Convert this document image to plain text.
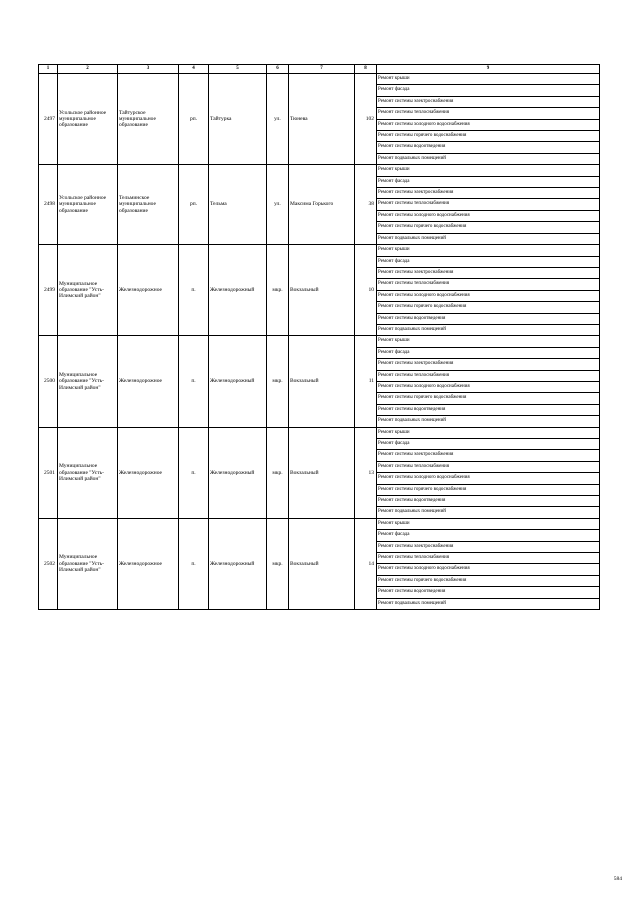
1	2	3	4	5	6	7	8	9
2497	Усольское районное муниципальное образование	Тайтурское муниципальное образование	рп.	Тайтурка	ул.	Тюнева	102	Ремонт крыши
								Ремонт фасада
								Ремонт системы электроснабжения
								Ремонт системы теплоснабжения
								Ремонт системы холодного водоснабжения
								Ремонт системы горячего водоснабжения
								Ремонт системы водоотведения
								Ремонт подвальных помещений
2498	Усольское районное муниципальное образование	Тельминское муниципальное образование	рп.	Тельма	ул.	Максима Горького	38	Ремонт крыши
								Ремонт фасада
								Ремонт системы электроснабжения
								Ремонт системы теплоснабжения
								Ремонт системы холодного водоснабжения
								Ремонт системы горячего водоснабжения
								Ремонт подвальных помещений
2499	Муниципальное образование "Усть-Илимский район"	Железнодорожное	п.	Железнодорожный	мкр.	Вокзальный	10	Ремонт крыши
								Ремонт фасада
								Ремонт системы электроснабжения
								Ремонт системы теплоснабжения
								Ремонт системы холодного водоснабжения
								Ремонт системы горячего водоснабжения
								Ремонт системы водоотведения
								Ремонт подвальных помещений
2500	Муниципальное образование "Усть-Илимский район"	Железнодорожное	п.	Железнодорожный	мкр.	Вокзальный	11	Ремонт крыши
								Ремонт фасада
								Ремонт системы электроснабжения
								Ремонт системы теплоснабжения
								Ремонт системы холодного водоснабжения
								Ремонт системы горячего водоснабжения
								Ремонт системы водоотведения
								Ремонт подвальных помещений
2501	Муниципальное образование "Усть-Илимский район"	Железнодорожное	п.	Железнодорожный	мкр.	Вокзальный	13	Ремонт крыши
								Ремонт фасада
								Ремонт системы электроснабжения
								Ремонт системы теплоснабжения
								Ремонт системы холодного водоснабжения
								Ремонт системы горячего водоснабжения
								Ремонт системы водоотведения
								Ремонт подвальных помещений
2502	Муниципальное образование "Усть-Илимский район"	Железнодорожное	п.	Железнодорожный	мкр.	Вокзальный	14	Ремонт крыши
								Ремонт фасада
								Ремонт системы электроснабжения
								Ремонт системы теплоснабжения
								Ремонт системы холодного водоснабжения
								Ремонт системы горячего водоснабжения
								Ремонт системы водоотведения
								Ремонт подвальных помещений
584
